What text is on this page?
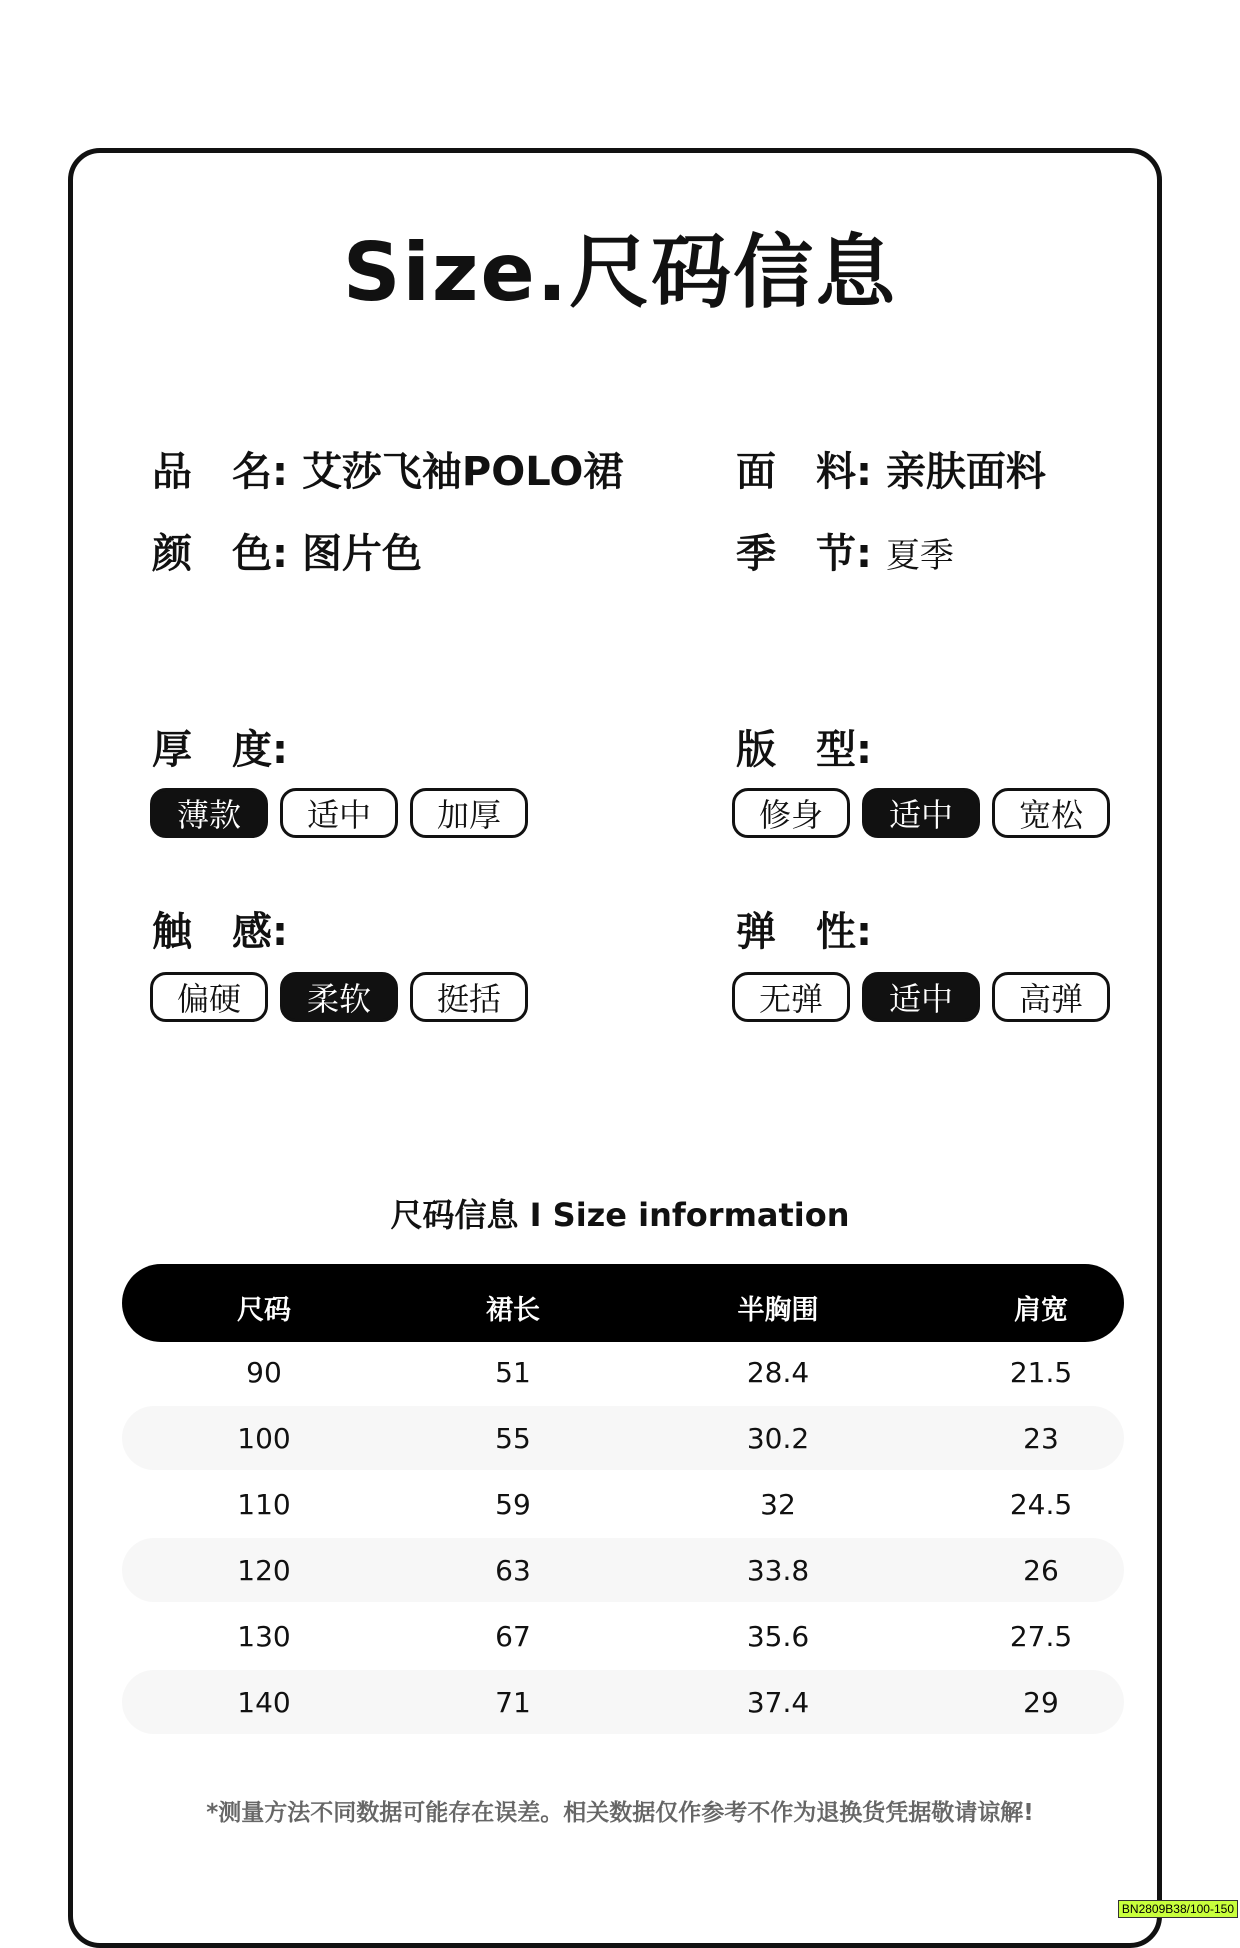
Size.尺码信息
品　名: 艾莎飞袖POLO裙	面　料: 亲肤面料
颜　色: 图片色	季　节: 夏季
厚　度:
薄款	适中	加厚
版　型:
修身	适中	宽松
触　感:
偏硬	柔软	挺括
弹　性:
无弹	适中	高弹
尺码信息 I Size information
尺码	裙长	半胸围	肩宽
90	51	28.4	21.5
100	55	30.2	23
110	59	32	24.5
120	63	33.8	26
130	67	35.6	27.5
140	71	37.4	29
*测量方法不同数据可能存在误差。相关数据仅作参考不作为退换货凭据敬请谅解!
BN2809B38/100-150
